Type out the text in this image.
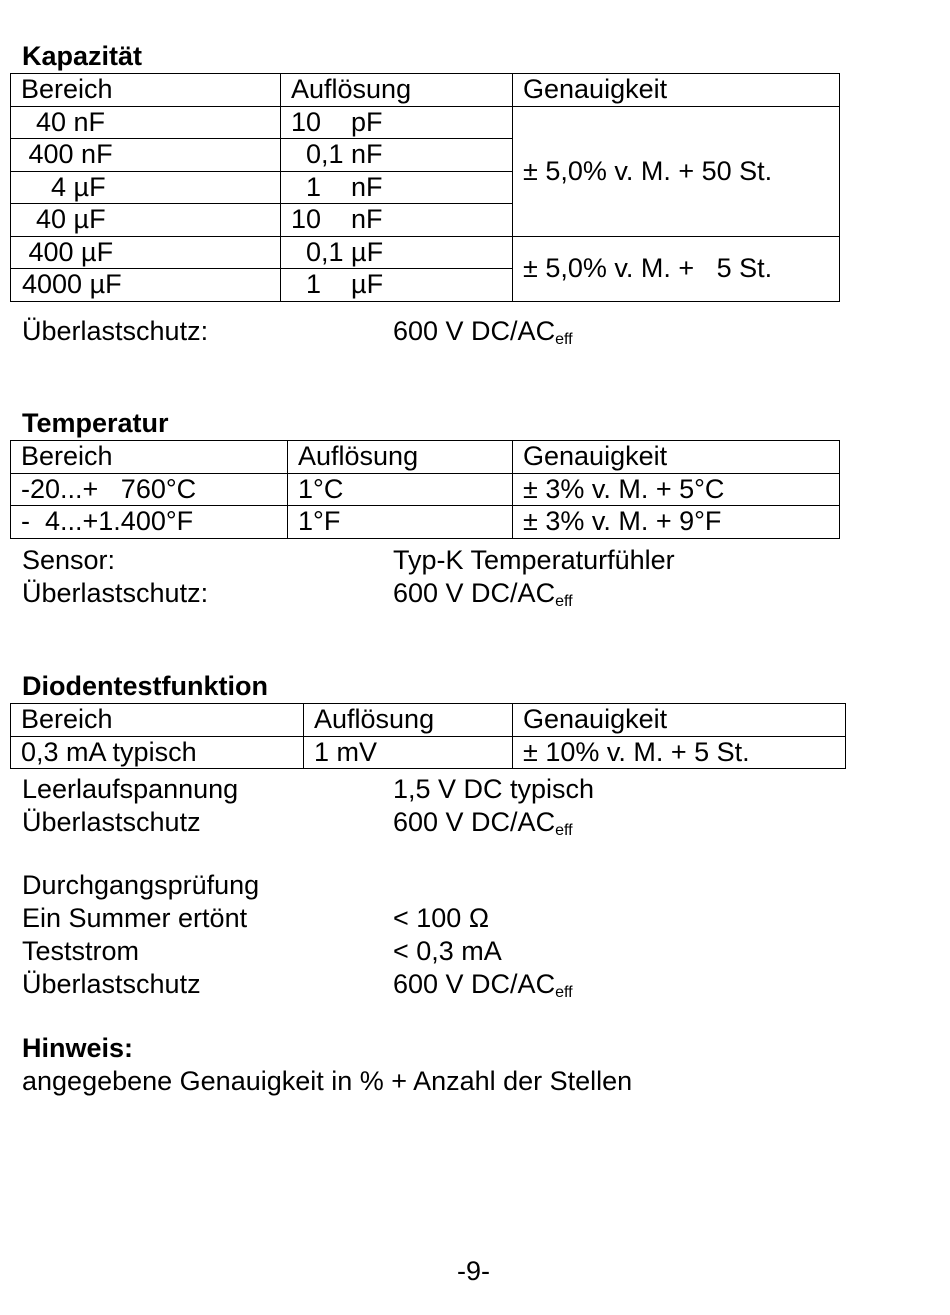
Kapazität
Bereich	Auflösung	Genauigkeit
40 nF	10    pF	± 5,0% v. M. + 50 St.
400 nF	0,1 nF	
4 µF	1    nF	
40 µF	10    nF	
400 µF	0,1 µF	± 5,0% v. M. +   5 St.
4000 µF	1    µF	
Überlastschutz:	600 V $DC/AC_{eff}$
Temperatur
Bereich	Auflösung	Genauigkeit
-20...+   760°C	1°C	± 3% v. M. + 5°C
-  4...+1.400°F	1°F	± 3% v. M. + 9°F
Sensor:	Typ-K Temperaturfühler
Überlastschutz:	600 V $DC/AC_{eff}$
Diodentestfunktion
Bereich	Auflösung	Genauigkeit
0,3 mA typisch	1 mV	± 10% v. M. + 5 St.
Leerlaufspannung	1,5 V DC typisch
Überlastschutz	600 V $DC/AC_{eff}$
Durchgangsprüfung
Ein Summer ertönt	< 100 Ω
Teststrom	< 0,3 mA
Überlastschutz	600 V $DC/AC_{eff}$
Hinweis:
angegebene Genauigkeit in % + Anzahl der Stellen
-9-
